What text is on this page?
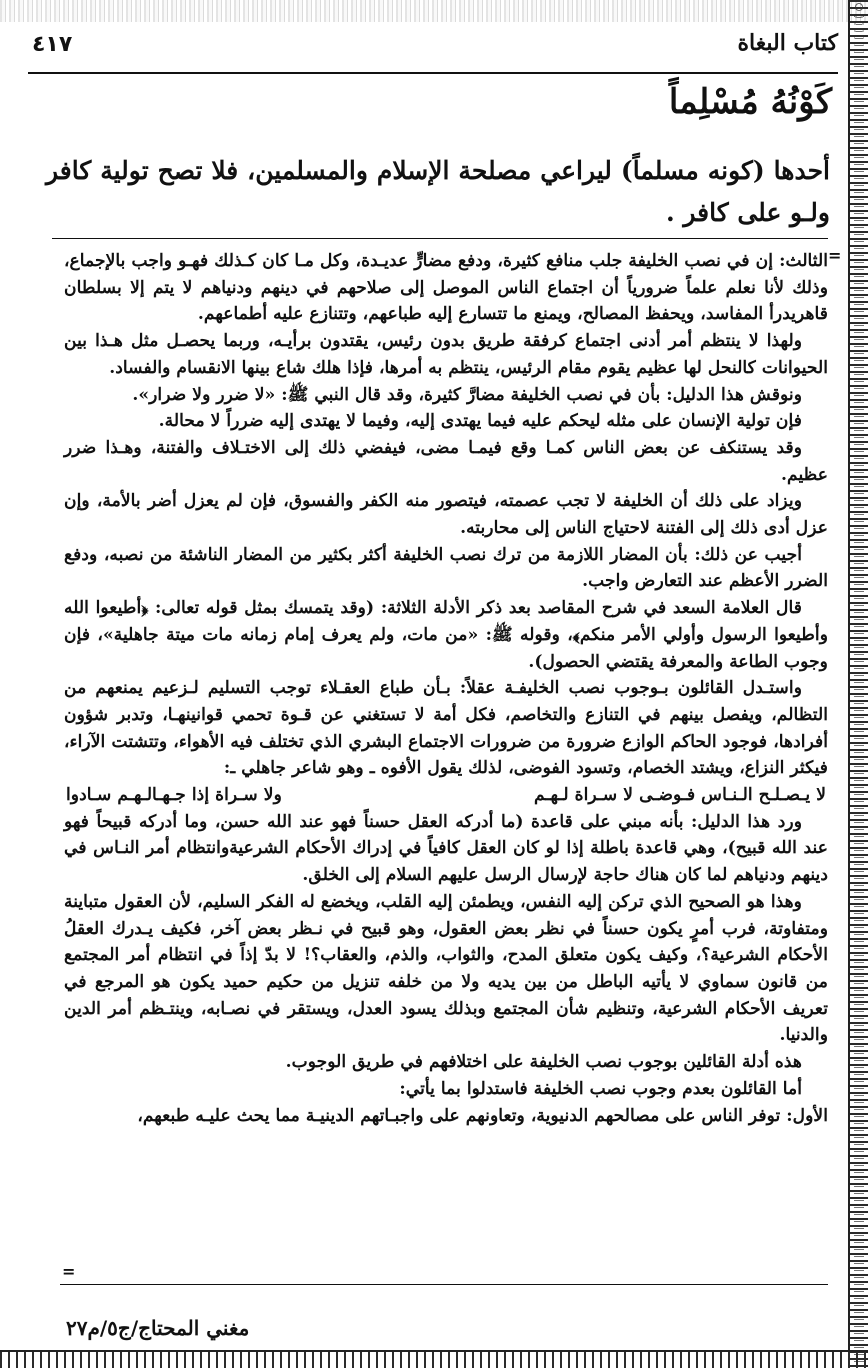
٤١٧	كتاب البغاة
كَوْنُهُ مُسْلِماً
أحدها (كونه مسلماً) ليراعي مصلحة الإسلام والمسلمين، فلا تصح تولية كافر ولـو على كافر .
=

الثالث: إن في نصب الخليفة جلب منافع كثيرة، ودفع مضارٍّ عديـدة، وكل مـا كان كـذلك فهـو واجب بالإجماع، وذلك لأنا نعلم علماً ضرورياً أن اجتماع الناس الموصل إلى صلاحهم في دينهم ودنياهم لا يتم إلا بسلطان قاهريدرأ المفاسد، ويحفظ المصالح، ويمنع ما تتسارع إليه طباعهم، وتتنازع عليه أطماعهم.

ولهذا لا ينتظم أمر أدنى اجتماع كرفقة طريق بدون رئيس، يقتدون برأيـه، وربما يحصـل مثل هـذا بين الحيوانات كالنحل لها عظيم يقوم مقام الرئيس، ينتظم به أمرها، فإذا هلك شاع بينها الانقسام والفساد.

ونوقش هذا الدليل: بأن في نصب الخليفة مضارَّ كثيرة، وقد قال النبي ﷺ: «لا ضرر ولا ضرار».

فإن تولية الإنسان على مثله ليحكم عليه فيما يهتدى إليه، وفيما لا يهتدى إليه ضرراً لا محالة.

وقد يستنكف عن بعض الناس كمـا وقع فيمـا مضى، فيفضي ذلك إلى الاختـلاف والفتنة، وهـذا ضرر عظيم.

ويزاد على ذلك أن الخليفة لا تجب عصمته، فيتصور منه الكفر والفسوق، فإن لم يعزل أضر بالأمة، وإن عزل أدى ذلك إلى الفتنة لاحتياج الناس إلى محاربته.

أجيب عن ذلك: بأن المضار اللازمة من ترك نصب الخليفة أكثر بكثير من المضار الناشئة من نصبه، ودفع الضرر الأعظم عند التعارض واجب.

قال العلامة السعد في شرح المقاصد بعد ذكر الأدلة الثلاثة: (وقد يتمسك بمثل قوله تعالى: ﴿أطيعوا الله وأطيعوا الرسول وأولي الأمر منكم﴾، وقوله ﷺ: «من مات، ولم يعرف إمام زمانه مات ميتة جاهلية»، فإن وجوب الطاعة والمعرفة يقتضي الحصول).

واستـدل القائلون بـوجوب نصب الخليفـة عقلاً: بـأن طباع العقـلاء توجب التسليم لـزعيم يمنعهم من التظالم، ويفصل بينهم في التنازع والتخاصم، فكل أمة لا تستغني عن قـوة تحمي قوانينهـا، وتدبر شؤون أفرادها، فوجود الحاكم الوازع ضرورة من ضرورات الاجتماع البشري الذي تختلف فيه الأهواء، وتتشتت الآراء، فيكثر النزاع، ويشتد الخصام، وتسود الفوضى، لذلك يقول الأفوه ـ وهو شاعر جاهلي ـ:

لا يـصـلـح الـنـاس فـوضـى لا سـراة لـهـم
ولا سـراة إذا جـهـالـهـم سـادوا

ورد هذا الدليل: بأنه مبني على قاعدة (ما أدركه العقل حسناً فهو عند الله حسن، وما أدركه قبيحاً فهو عند الله قبيح)، وهي قاعدة باطلة إذا لو كان العقل كافياً في إدراك الأحكام الشرعيةوانتظام أمر النـاس في دينهم ودنياهم لما كان هناك حاجة لإرسال الرسل عليهم السلام إلى الخلق.

وهذا هو الصحيح الذي تركن إليه النفس، ويطمئن إليه القلب، ويخضع له الفكر السليم، لأن العقول متباينة ومتفاوتة، فرب أمرٍ يكون حسناً في نظر بعض العقول، وهو قبيح في نـظر بعض آخر، فكيف يـدرك العقلُ الأحكام الشرعية؟، وكيف يكون متعلق المدح، والثواب، والذم، والعقاب؟! لا بدّ إذاً في انتظام أمر المجتمع من قانون سماوي لا يأتيه الباطل من بين يديه ولا من خلفه تنزيل من حكيم حميد يكون هو المرجع في تعريف الأحكام الشرعية، وتنظيم شأن المجتمع وبذلك يسود العدل، ويستقر في نصـابه، وينتـظم أمر الدين والدنيا.

هذه أدلة القائلين بوجوب نصب الخليفة على اختلافهم في طريق الوجوب.

أما القائلون بعدم وجوب نصب الخليفة فاستدلوا بما يأتي:

الأول: توفر الناس على مصالحهم الدنيوية، وتعاونهم على واجبـاتهم الدينيـة مما يحث عليـه طبعهم،

=
مغني المحتاج/ج٥/م٢٧
